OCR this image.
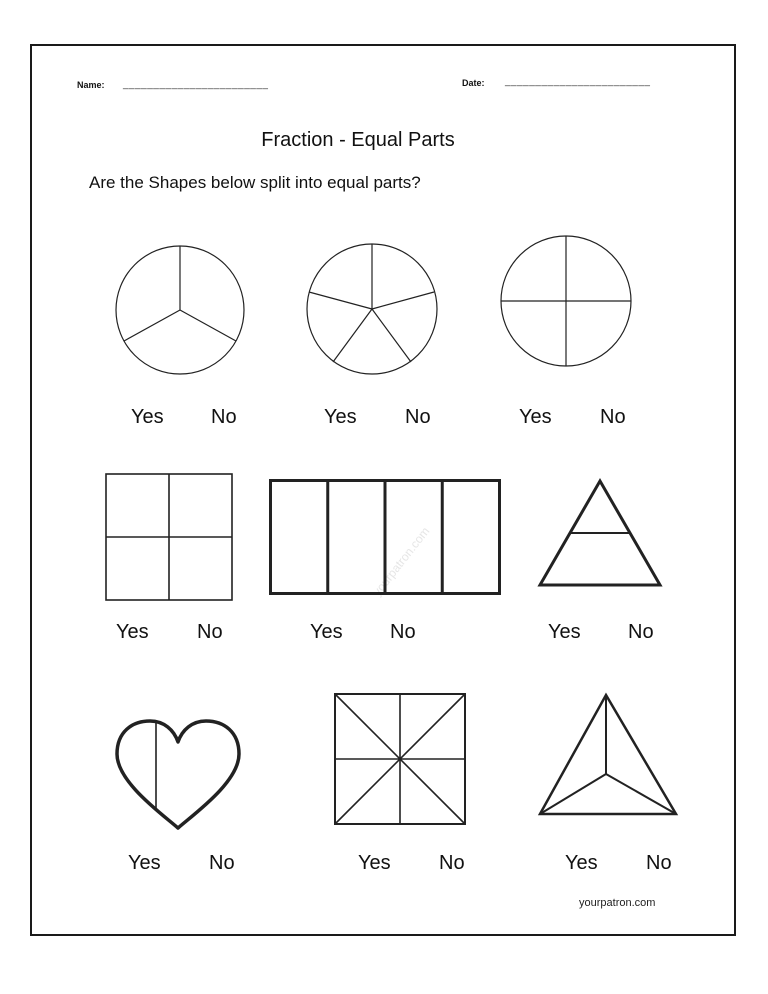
Name: ________________________	Date: ________________________
Fraction - Equal Parts
Are the Shapes below split into equal parts?
yourpatron.com
Yes No	Yes No	Yes No
Yes No	Yes No	Yes No
Yes No	Yes No	Yes No
yourpatron.com
